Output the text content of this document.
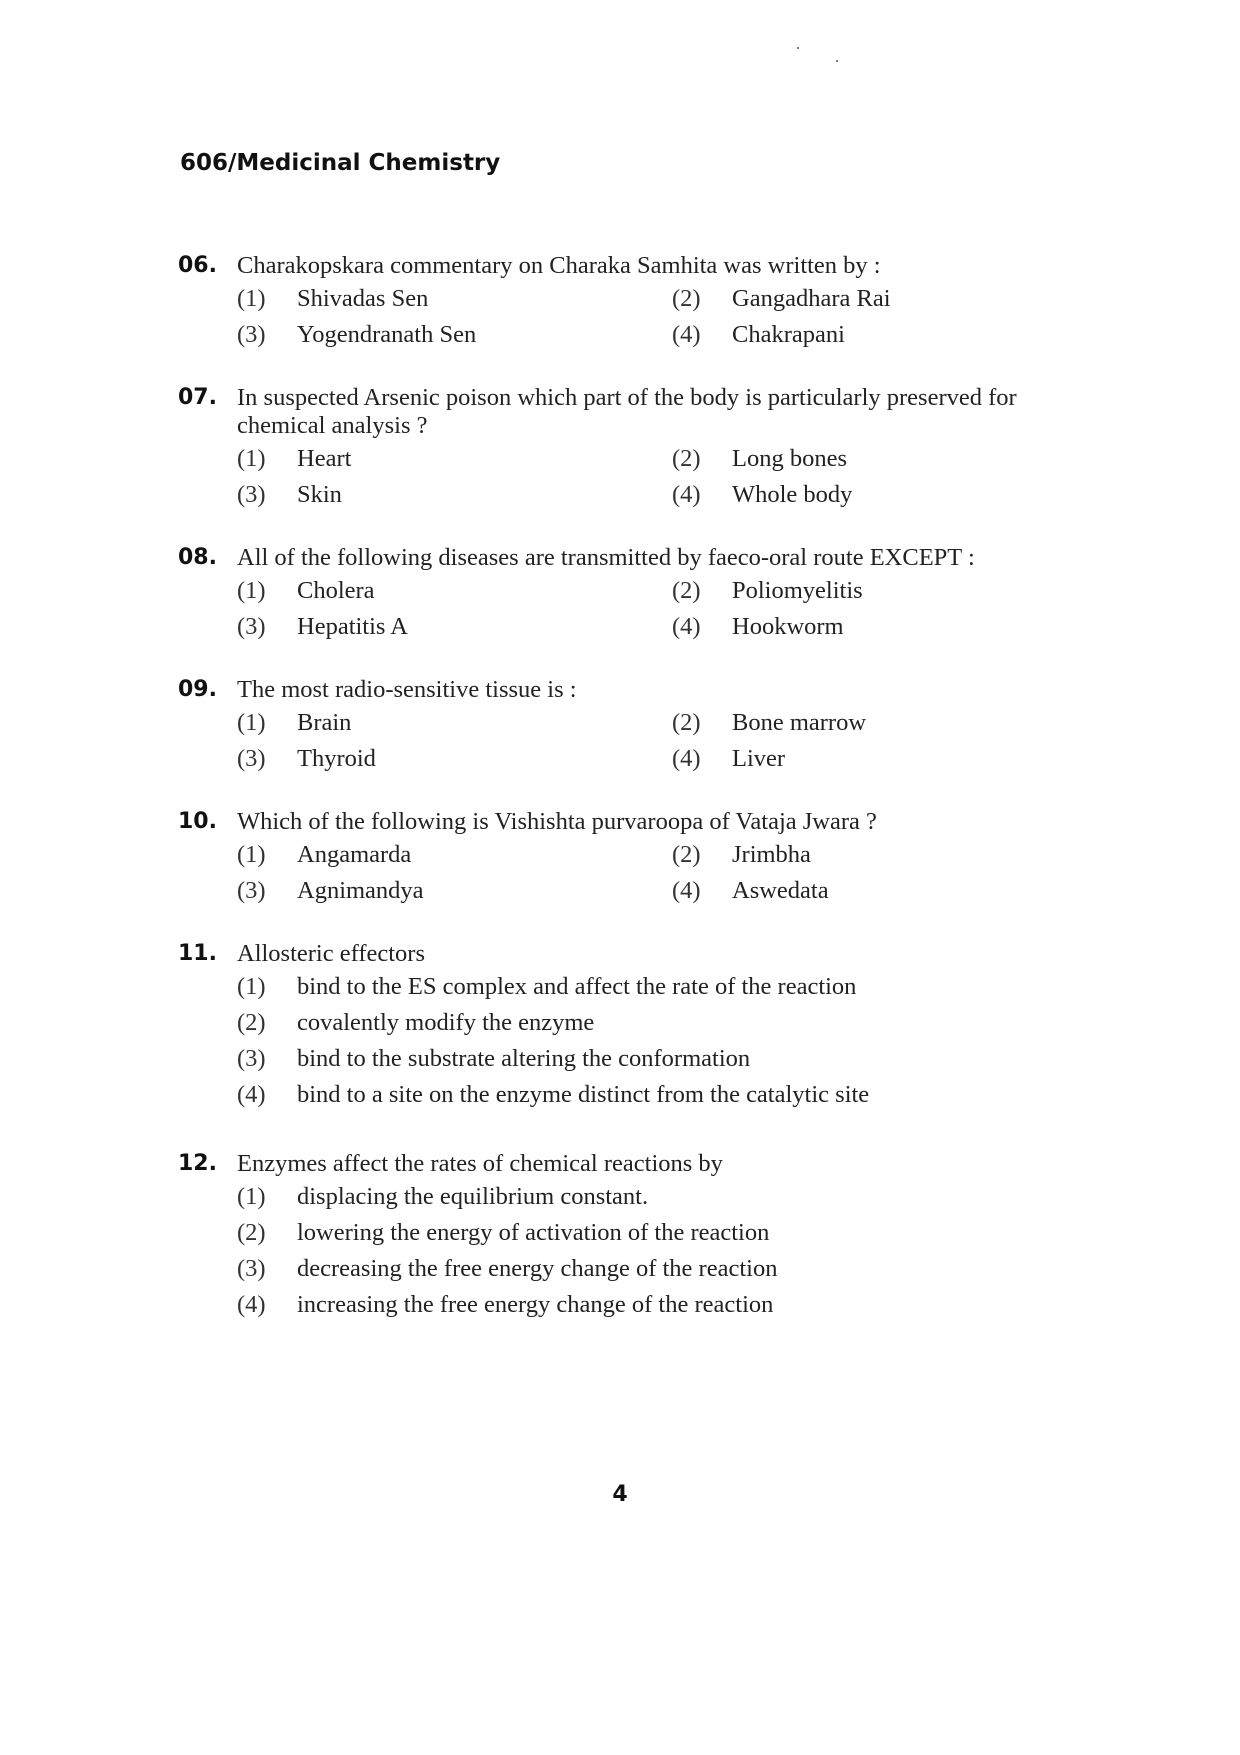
606/Medicinal Chemistry
06. Charakopskara commentary on Charaka Samhita was written by :
(1)	Shivadas Sen	(2)	Gangadhara Rai
(3)	Yogendranath Sen	(4)	Chakrapani
07. In suspected Arsenic poison which part of the body is particularly preserved for chemical analysis ?
(1)	Heart	(2)	Long bones
(3)	Skin	(4)	Whole body
08. All of the following diseases are transmitted by faeco-oral route EXCEPT :
(1)	Cholera	(2)	Poliomyelitis
(3)	Hepatitis A	(4)	Hookworm
09. The most radio-sensitive tissue is :
(1)	Brain	(2)	Bone marrow
(3)	Thyroid	(4)	Liver
10. Which of the following is Vishishta purvaroopa of Vataja Jwara ?
(1)	Angamarda	(2)	Jrimbha
(3)	Agnimandya	(4)	Aswedata
11. Allosteric effectors
(1)	bind to the ES complex and affect the rate of the reaction
(2)	covalently modify the enzyme
(3)	bind to the substrate altering the conformation
(4)	bind to a site on the enzyme distinct from the catalytic site
12. Enzymes affect the rates of chemical reactions by
(1)	displacing the equilibrium constant.
(2)	lowering the energy of activation of the reaction
(3)	decreasing the free energy change of the reaction
(4)	increasing the free energy change of the reaction
4
